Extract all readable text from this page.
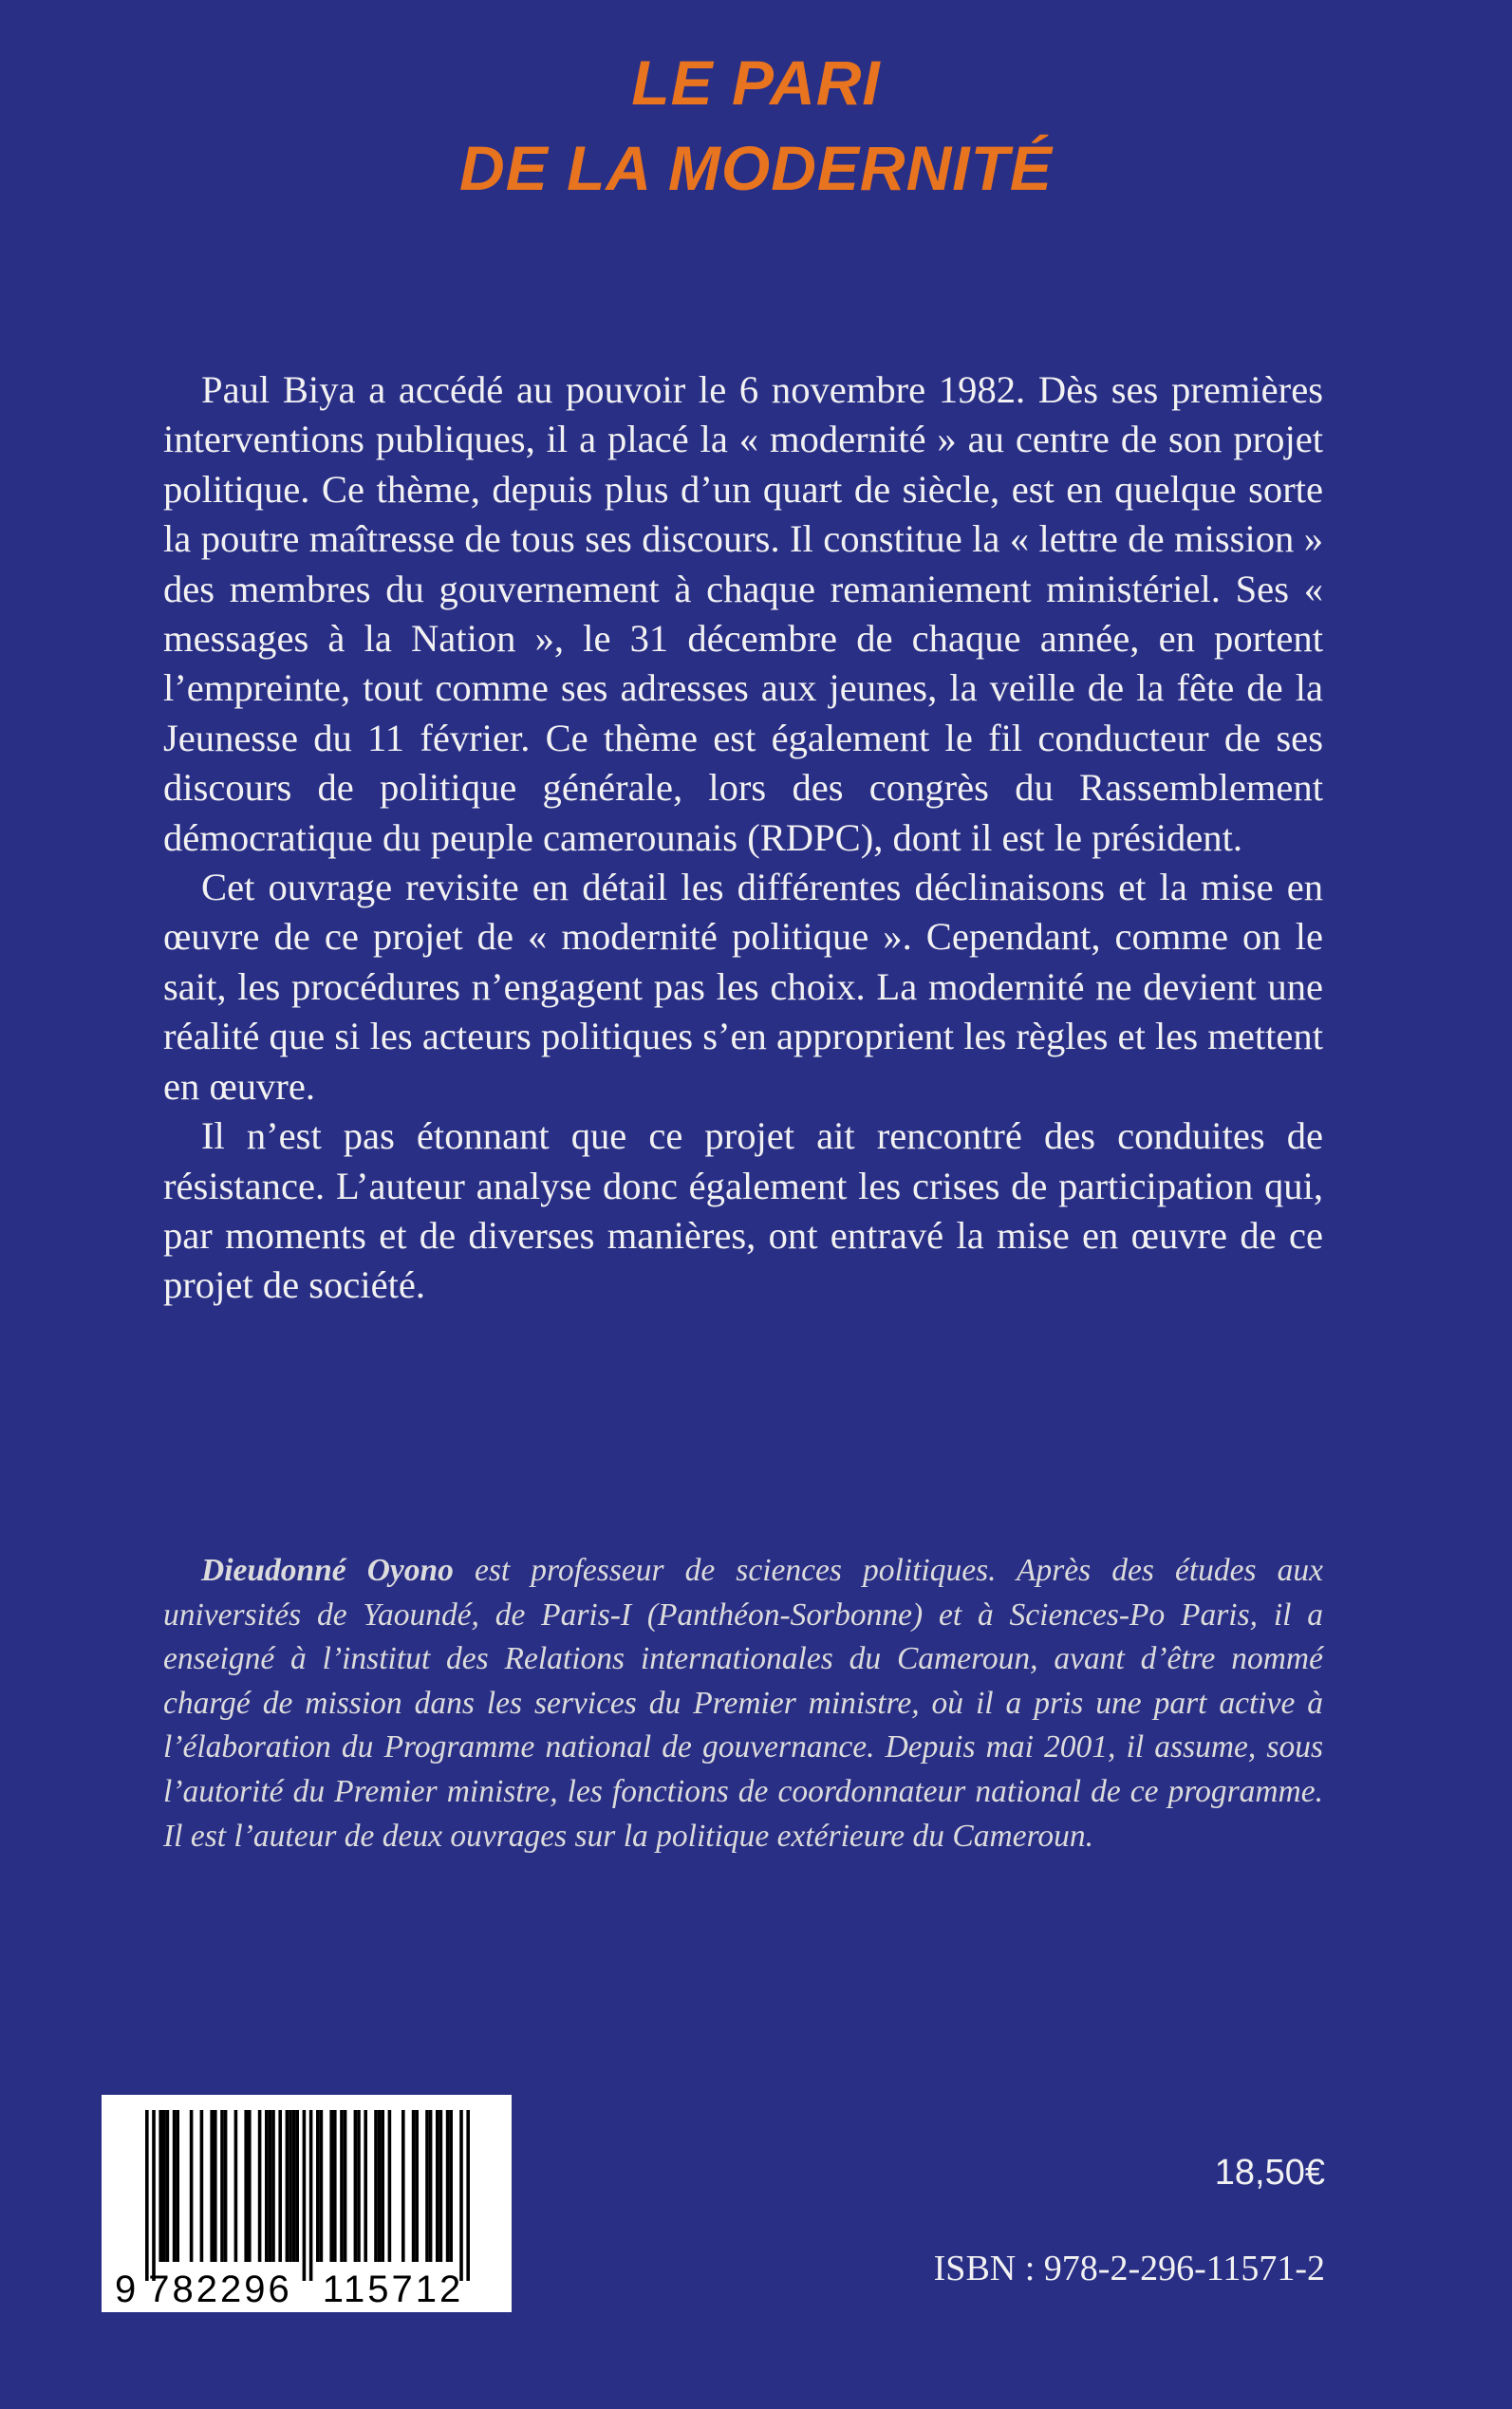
LE PARI
DE LA MODERNITÉ

Paul Biya a accédé au pouvoir le 6 novembre 1982. Dès ses premières interventions publiques, il a placé la « modernité » au centre de son projet politique. Ce thème, depuis plus d’un quart de siècle, est en quelque sorte la poutre maîtresse de tous ses discours. Il constitue la « lettre de mission » des membres du gouvernement à chaque remaniement ministériel. Ses « messages à la Nation », le 31 décembre de chaque année, en portent l’empreinte, tout comme ses adresses aux jeunes, la veille de la fête de la Jeunesse du 11 février. Ce thème est également le fil conducteur de ses discours de politique générale, lors des congrès du Rassemblement démocratique du peuple camerounais (RDPC), dont il est le président.

Cet ouvrage revisite en détail les différentes déclinaisons et la mise en œuvre de ce projet de « modernité politique ». Cependant, comme on le sait, les procédures n’engagent pas les choix. La modernité ne devient une réalité que si les acteurs politiques s’en approprient les règles et les mettent en œuvre.

Il n’est pas étonnant que ce projet ait rencontré des conduites de résistance. L’auteur analyse donc également les crises de participation qui, par moments et de diverses manières, ont entravé la mise en œuvre de ce projet de société.

Dieudonné Oyono est professeur de sciences politiques. Après des études aux universités de Yaoundé, de Paris-I (Panthéon-Sorbonne) et à Sciences-Po Paris, il a enseigné à l’institut des Relations internationales du Cameroun, avant d’être nommé chargé de mission dans les services du Premier ministre, où il a pris une part active à l’élaboration du Programme national de gouvernance. Depuis mai 2001, il assume, sous l’autorité du Premier ministre, les fonctions de coordonnateur national de ce programme. Il est l’auteur de deux ouvrages sur la politique extérieure du Cameroun.

9 782296 115712
18,50€
ISBN : 978-2-296-11571-2
